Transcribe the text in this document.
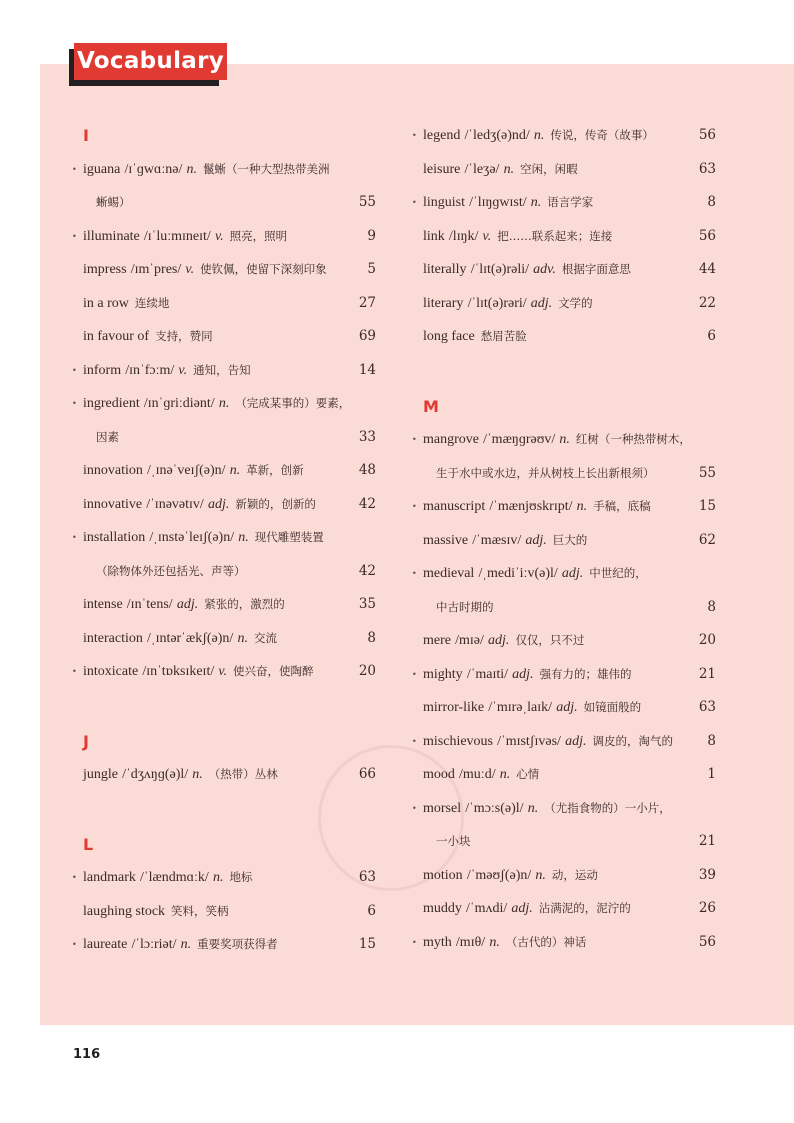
Vocabulary
I
• iguana /ɪˈɡwɑːnə/ n. 鬣蜥（一种大型热带美洲
蜥蜴）	55
• illuminate /ɪˈluːmɪneɪt/ v. 照亮，照明	9
impress /ɪmˈpres/ v. 使钦佩，使留下深刻印象	5
in a row 连续地	27
in favour of 支持，赞同	69
• inform /ɪnˈfɔːm/ v. 通知，告知	14
• ingredient /ɪnˈɡriːdiənt/ n. （完成某事的）要素，
因素	33
innovation /ˌɪnəˈveɪʃ(ə)n/ n. 革新，创新	48
innovative /ˈɪnəvətɪv/ adj. 新颖的，创新的	42
• installation /ˌɪnstəˈleɪʃ(ə)n/ n. 现代雕塑装置
（除物体外还包括光、声等）	42
intense /ɪnˈtens/ adj. 紧张的，激烈的	35
interaction /ˌɪntərˈækʃ(ə)n/ n. 交流	8
• intoxicate /ɪnˈtɒksɪkeɪt/ v. 使兴奋，使陶醉	20
J
jungle /ˈdʒʌŋɡ(ə)l/ n. （热带）丛林	66
L
• landmark /ˈlændmɑːk/ n. 地标	63
laughing stock 笑料，笑柄	6
• laureate /ˈlɔːriət/ n. 重要奖项获得者	15
• legend /ˈledʒ(ə)nd/ n. 传说，传奇（故事）	56
leisure /ˈleʒə/ n. 空闲，闲暇	63
• linguist /ˈlɪŋɡwɪst/ n. 语言学家	8
link /lɪŋk/ v. 把……联系起来；连接	56
literally /ˈlɪt(ə)rəli/ adv. 根据字面意思	44
literary /ˈlɪt(ə)rəri/ adj. 文学的	22
long face 愁眉苦脸	6
M
• mangrove /ˈmæŋɡrəʊv/ n. 红树（一种热带树木，
生于水中或水边，并从树枝上长出新根须）	55
• manuscript /ˈmænjʊskrɪpt/ n. 手稿，底稿	15
massive /ˈmæsɪv/ adj. 巨大的	62
• medieval /ˌmediˈiːv(ə)l/ adj. 中世纪的，
中古时期的	8
mere /mɪə/ adj. 仅仅，只不过	20
• mighty /ˈmaɪti/ adj. 强有力的；雄伟的	21
mirror-like /ˈmɪrəˌlaɪk/ adj. 如镜面般的	63
• mischievous /ˈmɪstʃɪvəs/ adj. 调皮的，淘气的	8
mood /muːd/ n. 心情	1
• morsel /ˈmɔːs(ə)l/ n. （尤指食物的）一小片，
一小块	21
motion /ˈməʊʃ(ə)n/ n. 动，运动	39
muddy /ˈmʌdi/ adj. 沾满泥的，泥泞的	26
• myth /mɪθ/ n. （古代的）神话	56
116
